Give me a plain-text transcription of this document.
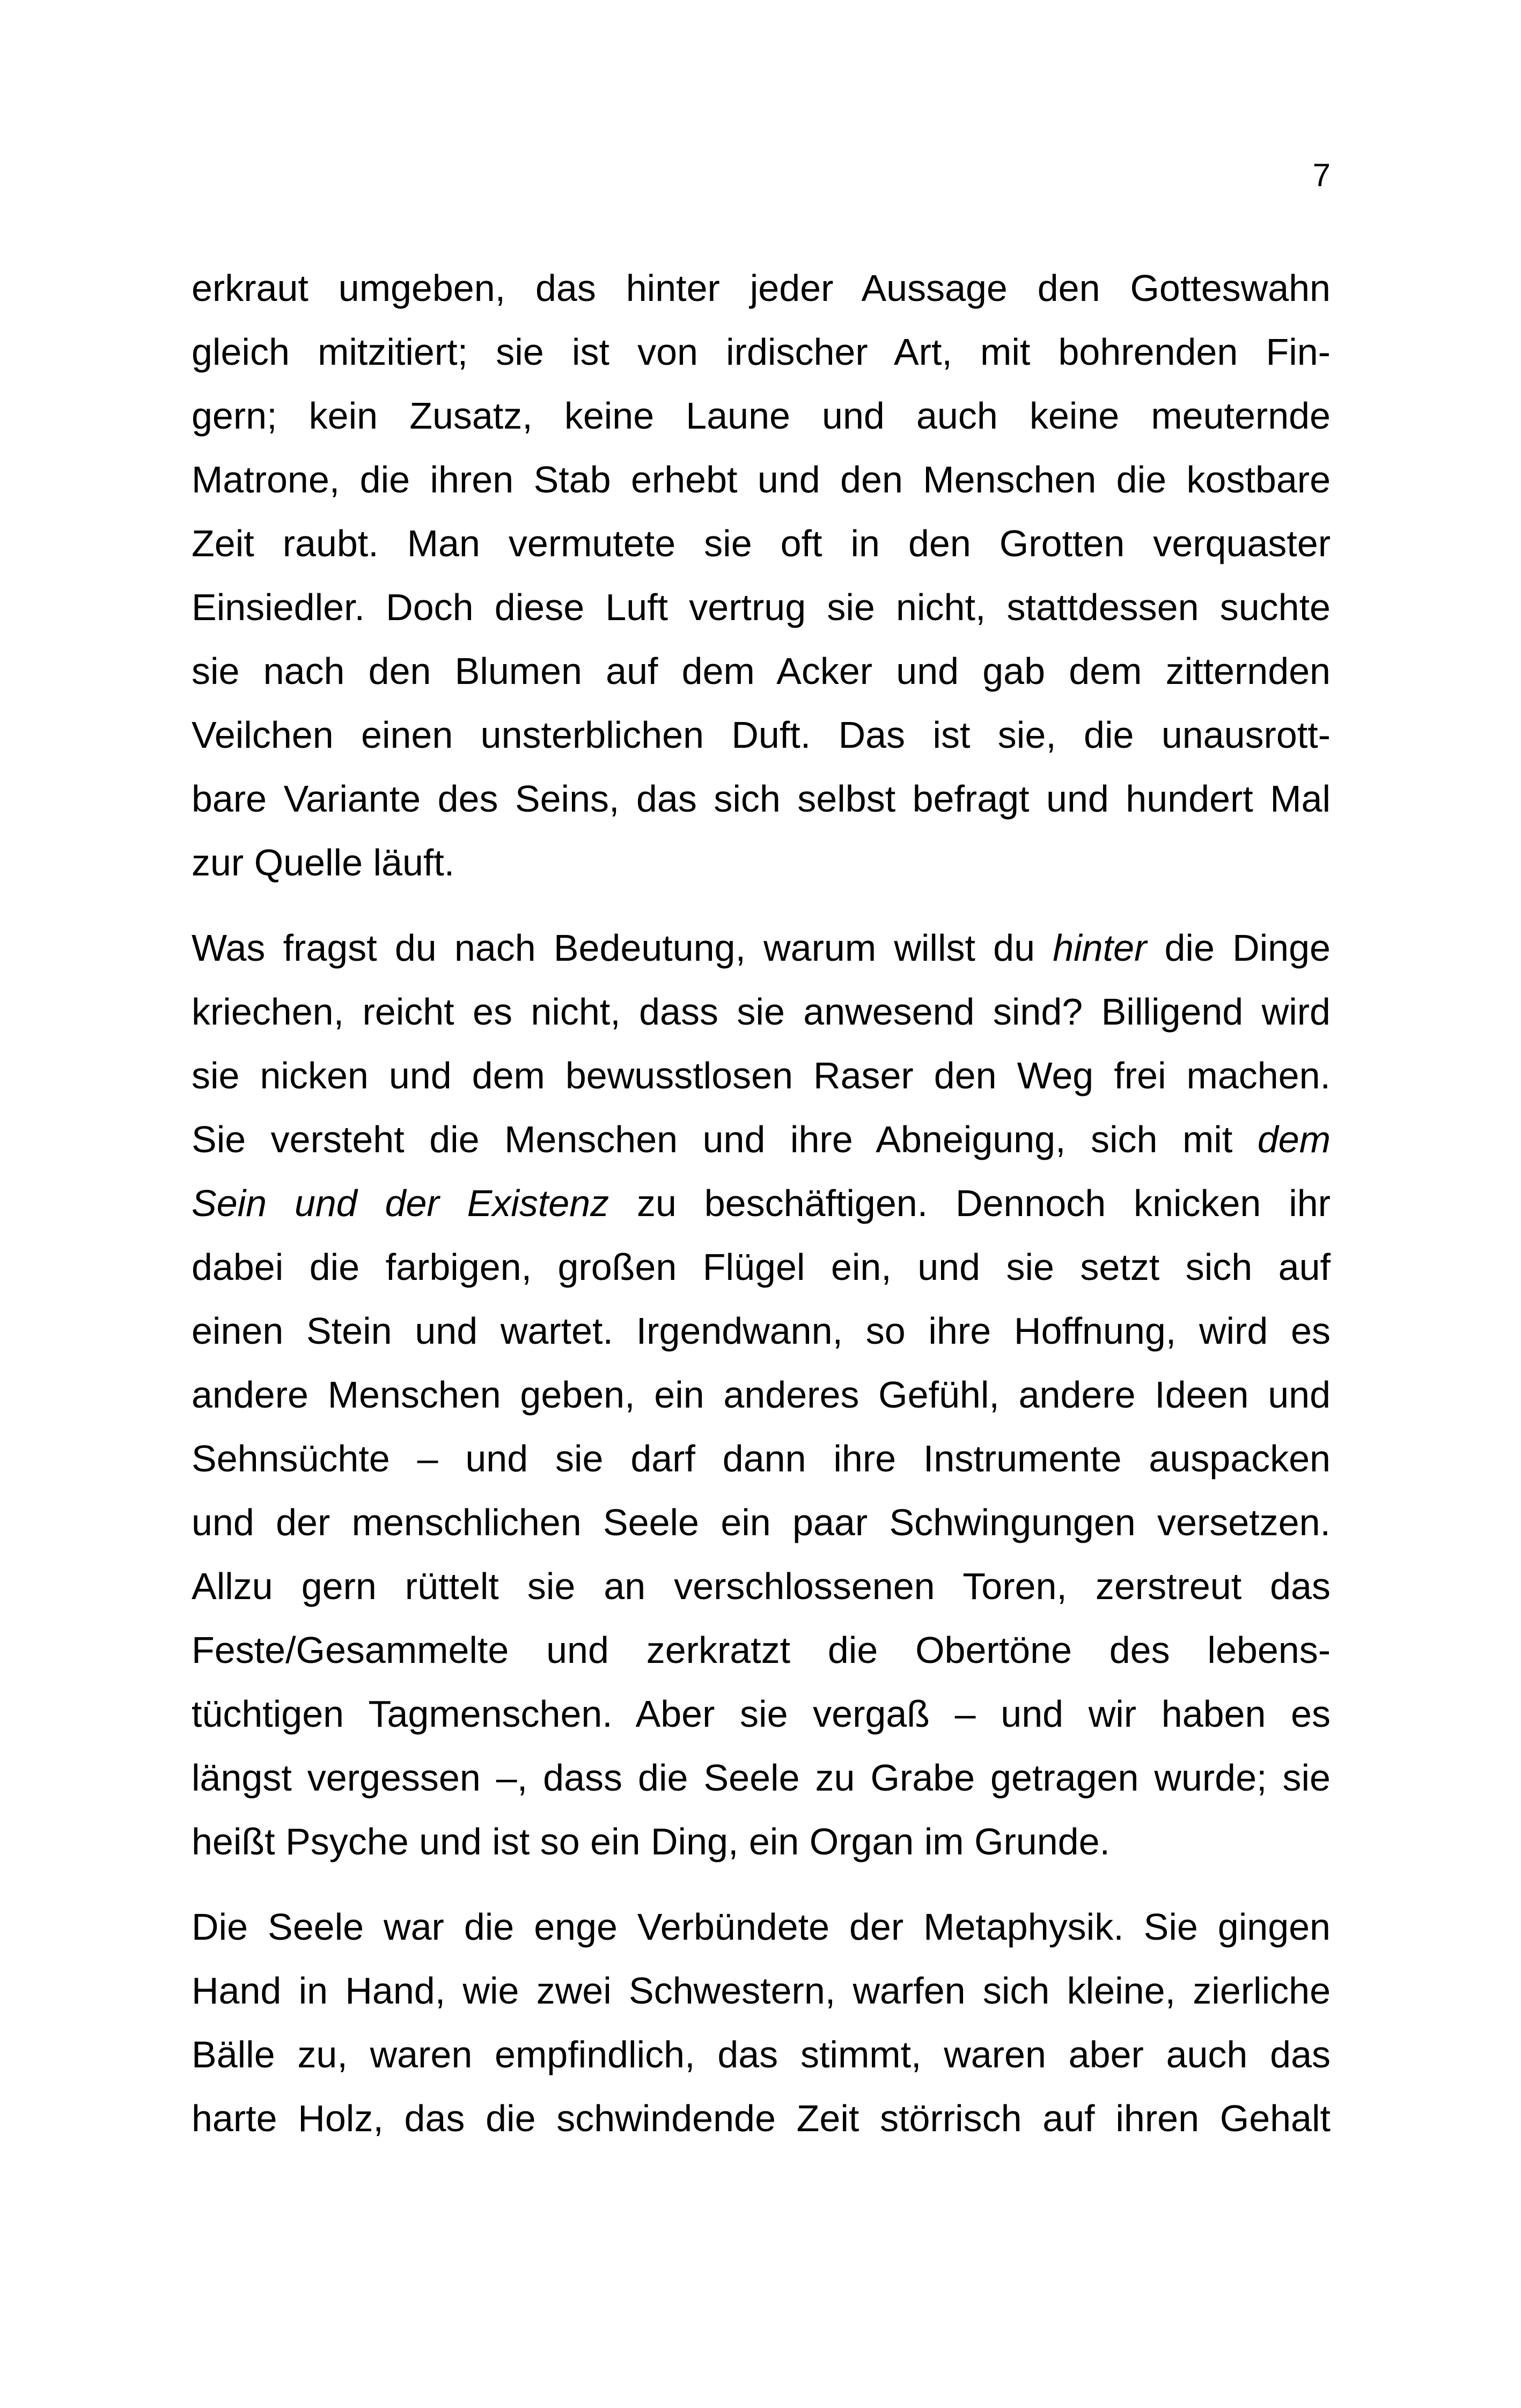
7
erkraut umgeben, das hinter jeder Aussage den Gotteswahn
gleich mitzitiert; sie ist von irdischer Art, mit bohrenden Fin-
gern; kein Zusatz, keine Laune und auch keine meuternde
Matrone, die ihren Stab erhebt und den Menschen die kostbare
Zeit raubt. Man vermutete sie oft in den Grotten verquaster
Einsiedler. Doch diese Luft vertrug sie nicht, stattdessen suchte
sie nach den Blumen auf dem Acker und gab dem zitternden
Veilchen einen unsterblichen Duft. Das ist sie, die unausrott-
bare Variante des Seins, das sich selbst befragt und hundert Mal
zur Quelle läuft.
Was fragst du nach Bedeutung, warum willst du hinter die Dinge
kriechen, reicht es nicht, dass sie anwesend sind? Billigend wird
sie nicken und dem bewusstlosen Raser den Weg frei machen.
Sie versteht die Menschen und ihre Abneigung, sich mit dem
Sein und der Existenz zu beschäftigen. Dennoch knicken ihr
dabei die farbigen, großen Flügel ein, und sie setzt sich auf
einen Stein und wartet. Irgendwann, so ihre Hoffnung, wird es
andere Menschen geben, ein anderes Gefühl, andere Ideen und
Sehnsüchte – und sie darf dann ihre Instrumente auspacken
und der menschlichen Seele ein paar Schwingungen versetzen.
Allzu gern rüttelt sie an verschlossenen Toren, zerstreut das
Feste/Gesammelte und zerkratzt die Obertöne des lebens-
tüchtigen Tagmenschen. Aber sie vergaß – und wir haben es
längst vergessen –, dass die Seele zu Grabe getragen wurde; sie
heißt Psyche und ist so ein Ding, ein Organ im Grunde.
Die Seele war die enge Verbündete der Metaphysik. Sie gingen
Hand in Hand, wie zwei Schwestern, warfen sich kleine, zierliche
Bälle zu, waren empfindlich, das stimmt, waren aber auch das
harte Holz, das die schwindende Zeit störrisch auf ihren Gehalt
